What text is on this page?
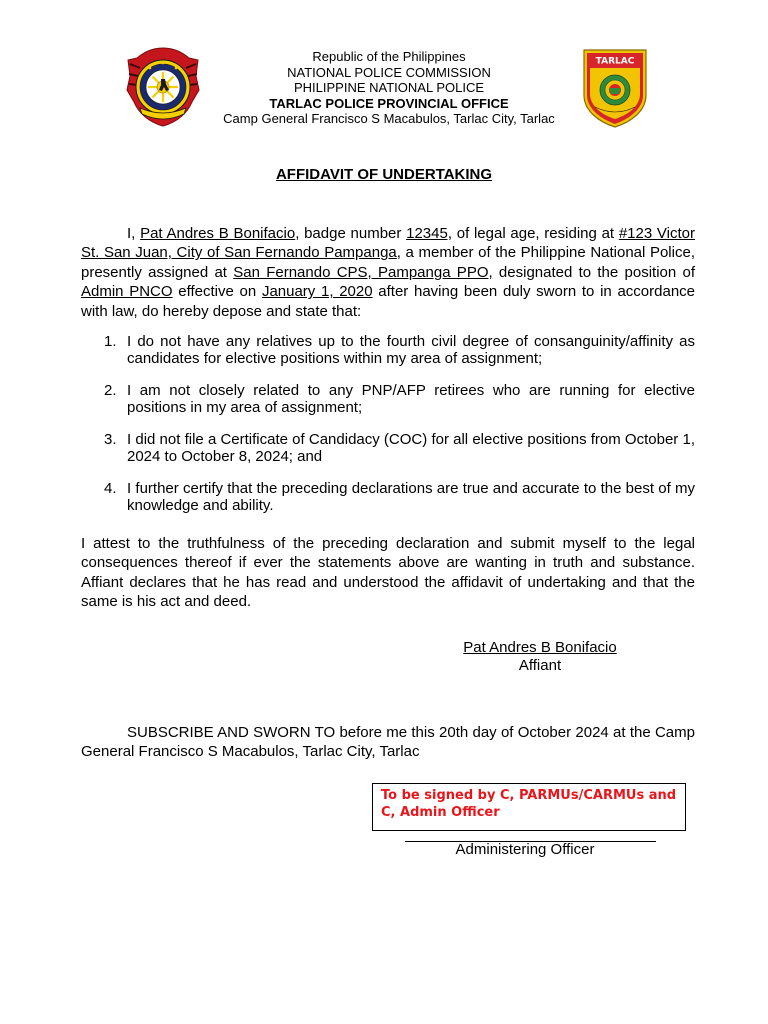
Republic of the Philippines
NATIONAL POLICE COMMISSION
PHILIPPINE NATIONAL POLICE
TARLAC POLICE PROVINCIAL OFFICE
Camp General Francisco S Macabulos, Tarlac City, Tarlac
TARLAC
AFFIDAVIT OF UNDERTAKING

I, Pat Andres B Bonifacio, badge number 12345, of legal age, residing at #123 Victor St. San Juan, City of San Fernando Pampanga, a member of the Philippine National Police, presently assigned at San Fernando CPS, Pampanga PPO, designated to the position of Admin PNCO effective on January 1, 2020 after having been duly sworn to in accordance with law, do hereby depose and state that:

1. I do not have any relatives up to the fourth civil degree of consanguinity/affinity as candidates for elective positions within my area of assignment;
2. I am not closely related to any PNP/AFP retirees who are running for elective positions in my area of assignment;
3. I did not file a Certificate of Candidacy (COC) for all elective positions from October 1, 2024 to October 8, 2024; and
4. I further certify that the preceding declarations are true and accurate to the best of my knowledge and ability.

I attest to the truthfulness of the preceding declaration and submit myself to the legal consequences thereof if ever the statements above are wanting in truth and substance. Affiant declares that he has read and understood the affidavit of undertaking and that the same is his act and deed.

Pat Andres B Bonifacio
Affiant

SUBSCRIBE AND SWORN TO before me this 20th day of October 2024 at the Camp General Francisco S Macabulos, Tarlac City, Tarlac

To be signed by C, PARMUs/CARMUs and C, Admin Officer
Administering Officer
